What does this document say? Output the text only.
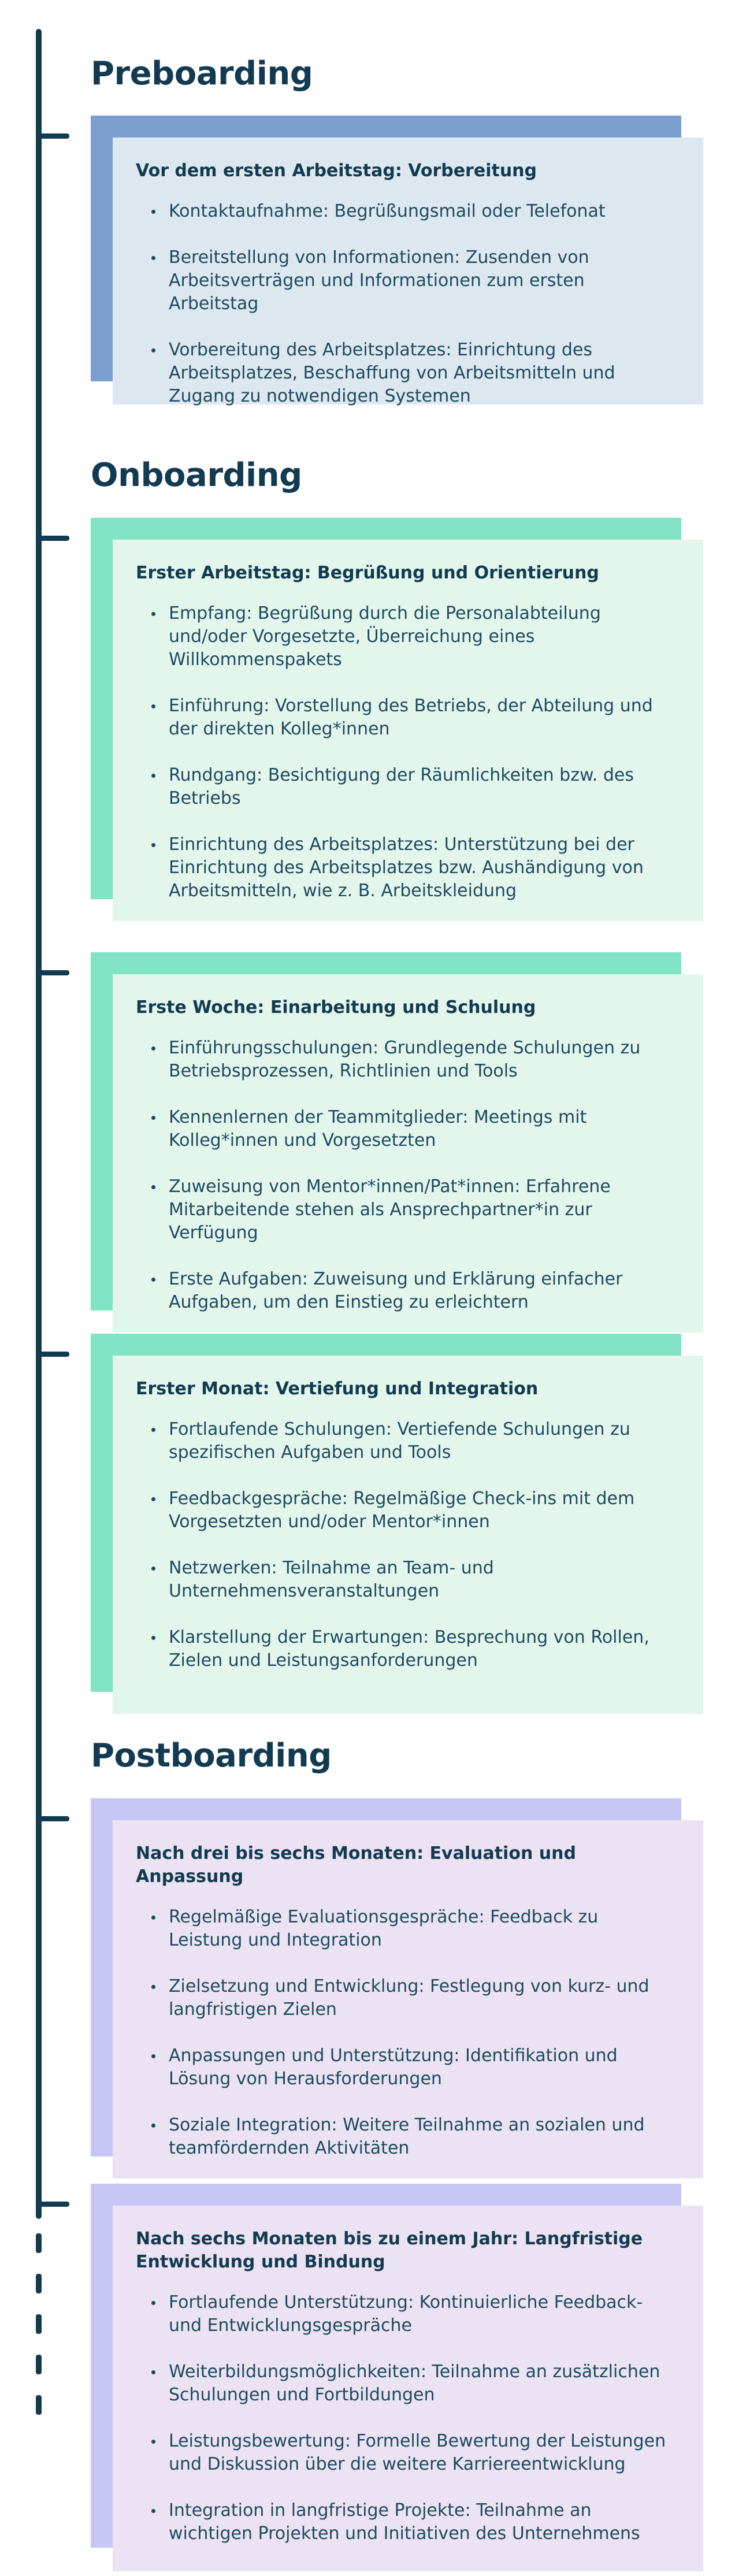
Preboarding
Vor dem ersten Arbeitstag: Vorbereitung
Kontaktaufnahme: Begrüßungsmail oder Telefonat
Bereitstellung von Informationen: Zusenden von Arbeitsverträgen und Informationen zum ersten Arbeitstag
Vorbereitung des Arbeitsplatzes: Einrichtung des Arbeitsplatzes, Beschaffung von Arbeitsmitteln und Zugang zu notwendigen Systemen
Onboarding
Erster Arbeitstag: Begrüßung und Orientierung
Empfang: Begrüßung durch die Personalabteilung und/oder Vorgesetzte, Überreichung eines Willkommenspakets
Einführung: Vorstellung des Betriebs, der Abteilung und der direkten Kolleg*innen
Rundgang: Besichtigung der Räumlichkeiten bzw. des Betriebs
Einrichtung des Arbeitsplatzes: Unterstützung bei der Einrichtung des Arbeitsplatzes bzw. Aushändigung von Arbeitsmitteln, wie z. B. Arbeitskleidung
Erste Woche: Einarbeitung und Schulung
Einführungsschulungen: Grundlegende Schulungen zu Betriebsprozessen, Richtlinien und Tools
Kennenlernen der Teammitglieder: Meetings mit Kolleg*innen und Vorgesetzten
Zuweisung von Mentor*innen/Pat*innen: Erfahrene Mitarbeitende stehen als Ansprechpartner*in zur Verfügung
Erste Aufgaben: Zuweisung und Erklärung einfacher Aufgaben, um den Einstieg zu erleichtern
Erster Monat: Vertiefung und Integration
Fortlaufende Schulungen: Vertiefende Schulungen zu spezifischen Aufgaben und Tools
Feedbackgespräche: Regelmäßige Check-ins mit dem Vorgesetzten und/oder Mentor*innen
Netzwerken: Teilnahme an Team- und Unternehmensveranstaltungen
Klarstellung der Erwartungen: Besprechung von Rollen, Zielen und Leistungsanforderungen
Postboarding
Nach drei bis sechs Monaten: Evaluation und Anpassung
Regelmäßige Evaluationsgespräche: Feedback zu Leistung und Integration
Zielsetzung und Entwicklung: Festlegung von kurz- und langfristigen Zielen
Anpassungen und Unterstützung: Identifikation und Lösung von Herausforderungen
Soziale Integration: Weitere Teilnahme an sozialen und teamfördernden Aktivitäten
Nach sechs Monaten bis zu einem Jahr: Langfristige Entwicklung und Bindung
Fortlaufende Unterstützung: Kontinuierliche Feedback- und Entwicklungsgespräche
Weiterbildungsmöglichkeiten: Teilnahme an zusätzlichen Schulungen und Fortbildungen
Leistungsbewertung: Formelle Bewertung der Leistungen und Diskussion über die weitere Karriereentwicklung
Integration in langfristige Projekte: Teilnahme an wichtigen Projekten und Initiativen des Unternehmens
